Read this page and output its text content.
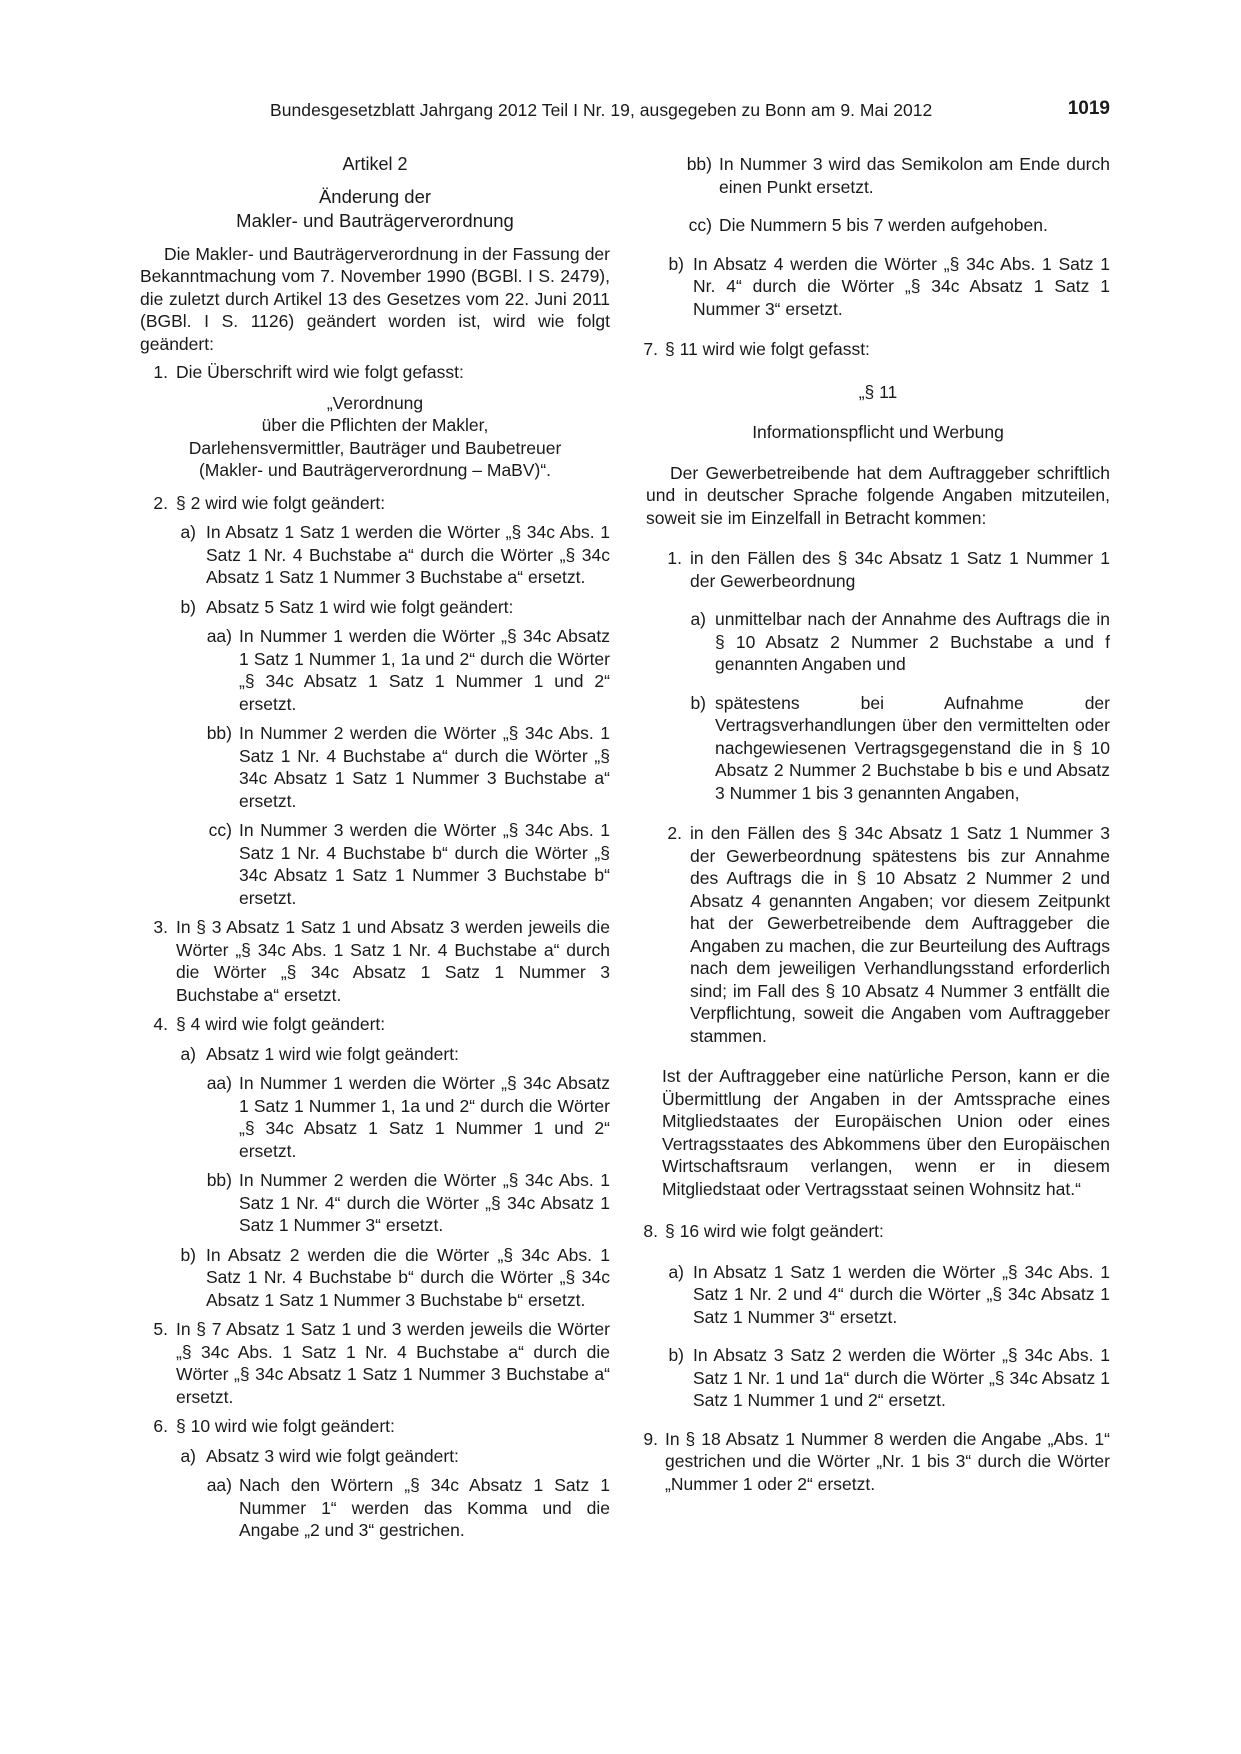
Bundesgesetzblatt Jahrgang 2012 Teil I Nr. 19, ausgegeben zu Bonn am 9. Mai 2012	1019
Artikel 2
Änderung der
Makler- und Bauträgerverordnung
Die Makler- und Bauträgerverordnung in der Fassung der Bekanntmachung vom 7. November 1990 (BGBl. I S. 2479), die zuletzt durch Artikel 13 des Gesetzes vom 22. Juni 2011 (BGBl. I S. 1126) geändert worden ist, wird wie folgt geändert:
1. Die Überschrift wird wie folgt gefasst:
„Verordnung
über die Pflichten der Makler,
Darlehensvermittler, Bauträger und Baubetreuer
(Makler- und Bauträgerverordnung – MaBV)“.
2. § 2 wird wie folgt geändert:
a) In Absatz 1 Satz 1 werden die Wörter „§ 34c Abs. 1 Satz 1 Nr. 4 Buchstabe a“ durch die Wörter „§ 34c Absatz 1 Satz 1 Nummer 3 Buchstabe a“ ersetzt.
b) Absatz 5 Satz 1 wird wie folgt geändert:
aa) In Nummer 1 werden die Wörter „§ 34c Absatz 1 Satz 1 Nummer 1, 1a und 2“ durch die Wörter „§ 34c Absatz 1 Satz 1 Nummer 1 und 2“ ersetzt.
bb) In Nummer 2 werden die Wörter „§ 34c Abs. 1 Satz 1 Nr. 4 Buchstabe a“ durch die Wörter „§ 34c Absatz 1 Satz 1 Nummer 3 Buchstabe a“ ersetzt.
cc) In Nummer 3 werden die Wörter „§ 34c Abs. 1 Satz 1 Nr. 4 Buchstabe b“ durch die Wörter „§ 34c Absatz 1 Satz 1 Nummer 3 Buchstabe b“ ersetzt.
3. In § 3 Absatz 1 Satz 1 und Absatz 3 werden jeweils die Wörter „§ 34c Abs. 1 Satz 1 Nr. 4 Buchstabe a“ durch die Wörter „§ 34c Absatz 1 Satz 1 Nummer 3 Buchstabe a“ ersetzt.
4. § 4 wird wie folgt geändert:
a) Absatz 1 wird wie folgt geändert:
aa) In Nummer 1 werden die Wörter „§ 34c Absatz 1 Satz 1 Nummer 1, 1a und 2“ durch die Wörter „§ 34c Absatz 1 Satz 1 Nummer 1 und 2“ ersetzt.
bb) In Nummer 2 werden die Wörter „§ 34c Abs. 1 Satz 1 Nr. 4“ durch die Wörter „§ 34c Absatz 1 Satz 1 Nummer 3“ ersetzt.
b) In Absatz 2 werden die die Wörter „§ 34c Abs. 1 Satz 1 Nr. 4 Buchstabe b“ durch die Wörter „§ 34c Absatz 1 Satz 1 Nummer 3 Buchstabe b“ ersetzt.
5. In § 7 Absatz 1 Satz 1 und 3 werden jeweils die Wörter „§ 34c Abs. 1 Satz 1 Nr. 4 Buchstabe a“ durch die Wörter „§ 34c Absatz 1 Satz 1 Nummer 3 Buchstabe a“ ersetzt.
6. § 10 wird wie folgt geändert:
a) Absatz 3 wird wie folgt geändert:
aa) Nach den Wörtern „§ 34c Absatz 1 Satz 1 Nummer 1“ werden das Komma und die Angabe „2 und 3“ gestrichen.
bb) In Nummer 3 wird das Semikolon am Ende durch einen Punkt ersetzt.
cc) Die Nummern 5 bis 7 werden aufgehoben.
b) In Absatz 4 werden die Wörter „§ 34c Abs. 1 Satz 1 Nr. 4“ durch die Wörter „§ 34c Absatz 1 Satz 1 Nummer 3“ ersetzt.
7. § 11 wird wie folgt gefasst:
„§ 11
Informationspflicht und Werbung
Der Gewerbetreibende hat dem Auftraggeber schriftlich und in deutscher Sprache folgende Angaben mitzuteilen, soweit sie im Einzelfall in Betracht kommen:
1. in den Fällen des § 34c Absatz 1 Satz 1 Nummer 1 der Gewerbeordnung
a) unmittelbar nach der Annahme des Auftrags die in § 10 Absatz 2 Nummer 2 Buchstabe a und f genannten Angaben und
b) spätestens bei Aufnahme der Vertragsverhandlungen über den vermittelten oder nachgewiesenen Vertragsgegenstand die in § 10 Absatz 2 Nummer 2 Buchstabe b bis e und Absatz 3 Nummer 1 bis 3 genannten Angaben,
2. in den Fällen des § 34c Absatz 1 Satz 1 Nummer 3 der Gewerbeordnung spätestens bis zur Annahme des Auftrags die in § 10 Absatz 2 Nummer 2 und Absatz 4 genannten Angaben; vor diesem Zeitpunkt hat der Gewerbetreibende dem Auftraggeber die Angaben zu machen, die zur Beurteilung des Auftrags nach dem jeweiligen Verhandlungsstand erforderlich sind; im Fall des § 10 Absatz 4 Nummer 3 entfällt die Verpflichtung, soweit die Angaben vom Auftraggeber stammen.
Ist der Auftraggeber eine natürliche Person, kann er die Übermittlung der Angaben in der Amtssprache eines Mitgliedstaates der Europäischen Union oder eines Vertragsstaates des Abkommens über den Europäischen Wirtschaftsraum verlangen, wenn er in diesem Mitgliedstaat oder Vertragsstaat seinen Wohnsitz hat.“
8. § 16 wird wie folgt geändert:
a) In Absatz 1 Satz 1 werden die Wörter „§ 34c Abs. 1 Satz 1 Nr. 2 und 4“ durch die Wörter „§ 34c Absatz 1 Satz 1 Nummer 3“ ersetzt.
b) In Absatz 3 Satz 2 werden die Wörter „§ 34c Abs. 1 Satz 1 Nr. 1 und 1a“ durch die Wörter „§ 34c Absatz 1 Satz 1 Nummer 1 und 2“ ersetzt.
9. In § 18 Absatz 1 Nummer 8 werden die Angabe „Abs. 1“ gestrichen und die Wörter „Nr. 1 bis 3“ durch die Wörter „Nummer 1 oder 2“ ersetzt.
